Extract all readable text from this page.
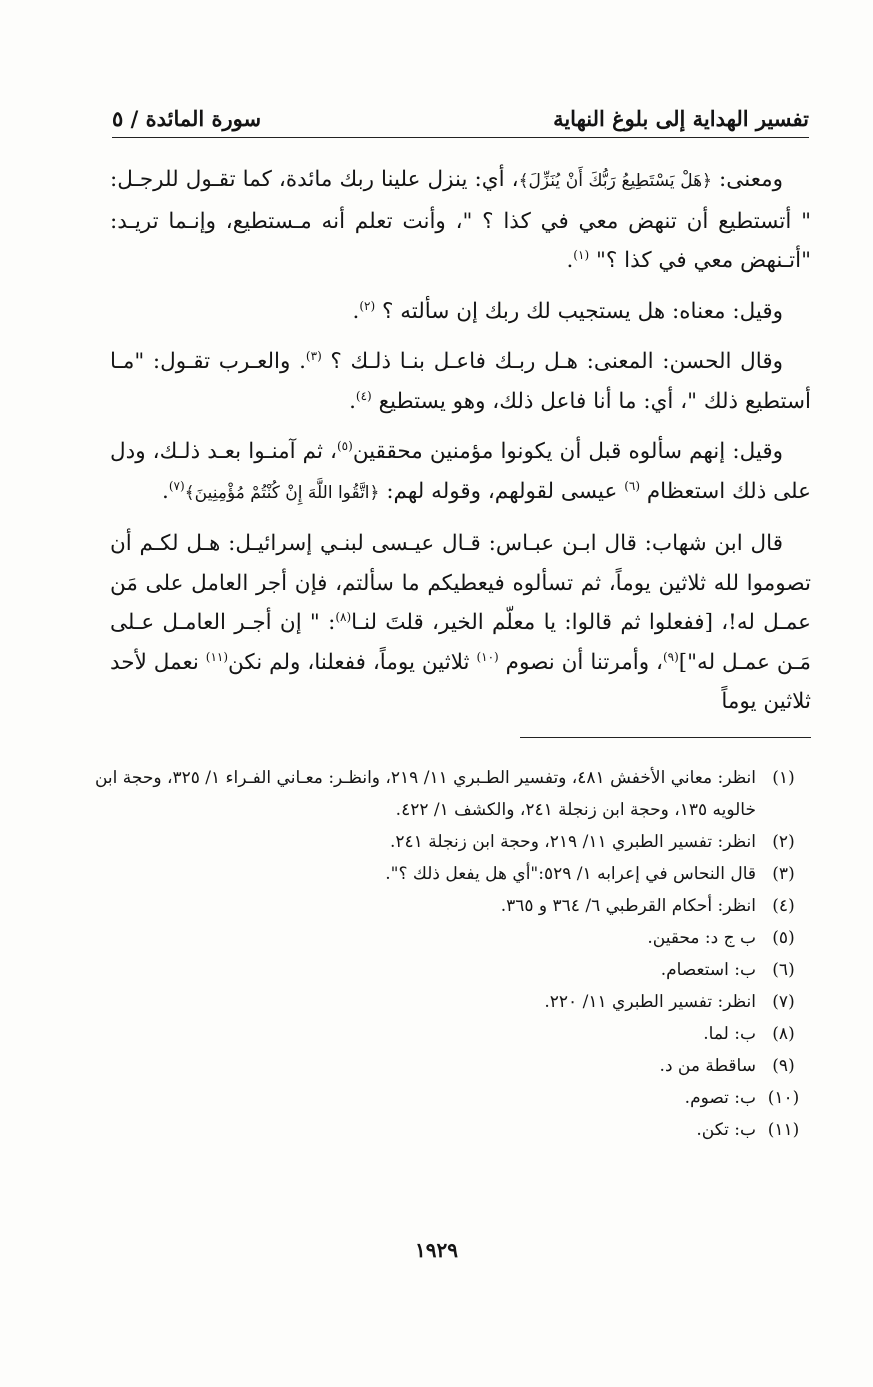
تفسير الهداية إلى بلوغ النهاية
سورة المائدة / ٥

ومعنى: ﴿هَلْ يَسْتَطِيعُ رَبُّكَ أَنْ يُنَزِّلَ﴾، أي: ينزل علينا ربك مائدة، كما تقـول للرجـل: " أتستطيع أن تنهض معي في كذا ؟ "، وأنت تعلم أنه مـستطيع، وإنـما تريـد: "أتـنهض معي في كذا ؟" $^{(١)}$.

وقيل: معناه: هل يستجيب لك ربك إن سألته ؟ $^{(٢)}$.

وقال الحسن: المعنى: هـل ربـك فاعـل بنـا ذلـك ؟ $^{(٣)}$. والعـرب تقـول: "مـا أستطيع ذلك "، أي: ما أنا فاعل ذلك، وهو يستطيع $^{(٤)}$.

وقيل: إنهم سألوه قبل أن يكونوا مؤمنين محققين$^{(٥)}$، ثم آمنـوا بعـد ذلـك، ودل على ذلك استعظام $^{(٦)}$ عيسى لقولهم، وقوله لهم: ﴿اتَّقُوا اللَّهَ إِنْ كُنْتُمْ مُؤْمِنِينَ﴾$^{(٧)}$.

قال ابن شهاب: قال ابـن عبـاس: قـال عيـسى لبنـي إسرائيـل: هـل لكـم أن تصوموا لله ثلاثين يوماً، ثم تسألوه فيعطيكم ما سألتم، فإن أجر العامل على مَن عمـل له!، [ففعلوا ثم قالوا: يا معلّم الخير، قلتَ لنـا$^{(٨)}$: " إن أجـر العامـل عـلى مَـن عمـل له"]$^{(٩)}$، وأمرتنا أن نصوم $^{(١٠)}$ ثلاثين يوماً، ففعلنا، ولم نكن$^{(١١)}$ نعمل لأحد ثلاثين يوماً

(١)
انظر: معاني الأخفش ٤٨١، وتفسير الطـبري ١١/ ٢١٩، وانظـر: معـاني الفـراء ١/ ٣٢٥، وحجة ابن خالويه ١٣٥، وحجة ابن زنجلة ٢٤١، والكشف ١/ ٤٢٢.
(٢)
انظر: تفسير الطبري ١١/ ٢١٩، وحجة ابن زنجلة ٢٤١.
(٣)
قال النحاس في إعرابه ١/ ٥٢٩:"أي هل يفعل ذلك ؟".
(٤)
انظر: أحكام القرطبي ٦/ ٣٦٤ و ٣٦٥.
(٥)
ب ج د: محقين.
(٦)
ب: استعصام.
(٧)
انظر: تفسير الطبري ١١/ ٢٢٠.
(٨)
ب: لما.
(٩)
ساقطة من د.
(١٠)
ب: تصوم.
(١١)
ب: تكن.
١٩٢٩
